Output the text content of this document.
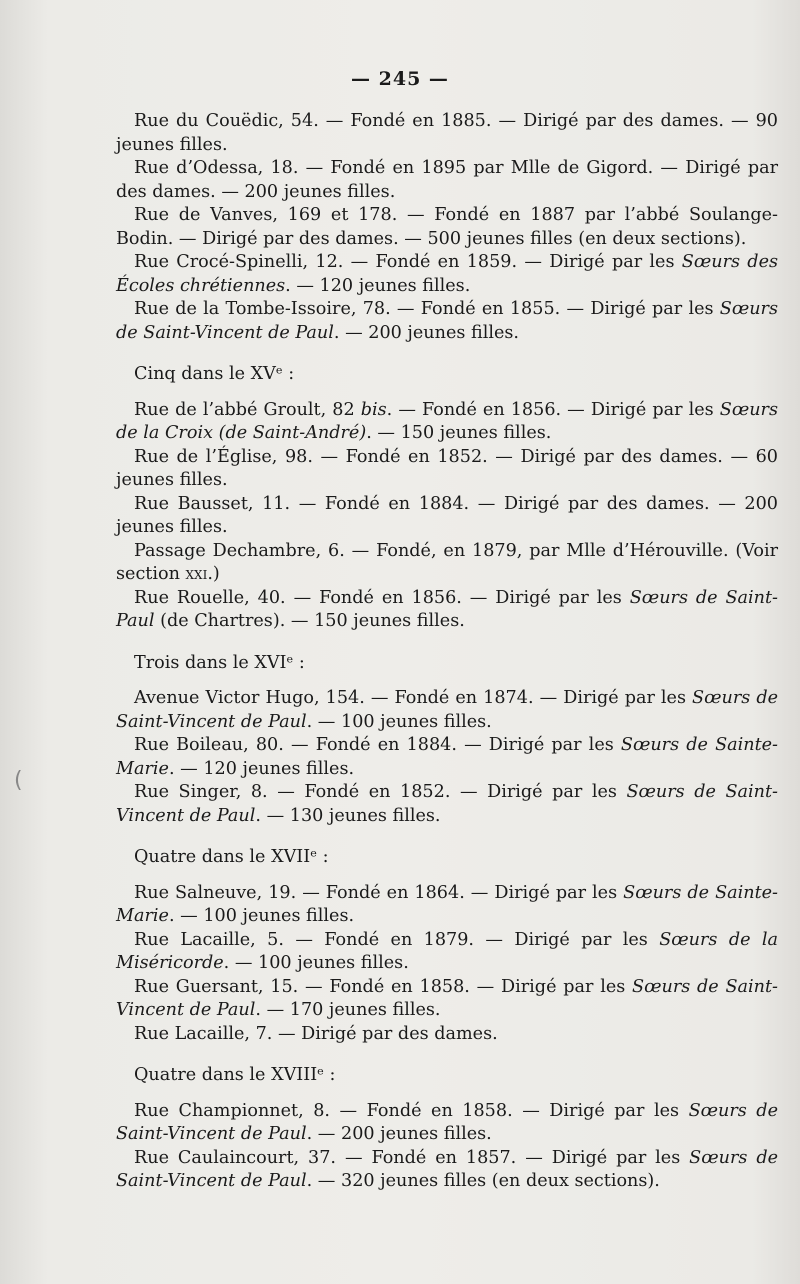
— 245 —
(

Rue du Couëdic, 54. — Fondé en 1885. — Dirigé par des dames. — 90 jeunes filles.

Rue d’Odessa, 18. — Fondé en 1895 par Mlle de Gigord. — Dirigé par des dames. — 200 jeunes filles.

Rue de Vanves, 169 et 178. — Fondé en 1887 par l’abbé Soulange-Bodin. — Dirigé par des dames. — 500 jeunes filles (en deux sections).

Rue Crocé-Spinelli, 12. — Fondé en 1859. — Dirigé par les Sœurs des Écoles chrétiennes. — 120 jeunes filles.

Rue de la Tombe-Issoire, 78. — Fondé en 1855. — Dirigé par les Sœurs de Saint-Vincent de Paul. — 200 jeunes filles.

Cinq dans le XVᵉ :

Rue de l’abbé Groult, 82 bis. — Fondé en 1856. — Dirigé par les Sœurs de la Croix (de Saint-André). — 150 jeunes filles.

Rue de l’Église, 98. — Fondé en 1852. — Dirigé par des dames. — 60 jeunes filles.

Rue Bausset, 11. — Fondé en 1884. — Dirigé par des dames. — 200 jeunes filles.

Passage Dechambre, 6. — Fondé, en 1879, par Mlle d’Hérouville. (Voir section xxi.)

Rue Rouelle, 40. — Fondé en 1856. — Dirigé par les Sœurs de Saint-Paul (de Chartres). — 150 jeunes filles.

Trois dans le XVIᵉ :

Avenue Victor Hugo, 154. — Fondé en 1874. — Dirigé par les Sœurs de Saint-Vincent de Paul. — 100 jeunes filles.

Rue Boileau, 80. — Fondé en 1884. — Dirigé par les Sœurs de Sainte-Marie. — 120 jeunes filles.

Rue Singer, 8. — Fondé en 1852. — Dirigé par les Sœurs de Saint-Vincent de Paul. — 130 jeunes filles.

Quatre dans le XVIIᵉ :

Rue Salneuve, 19. — Fondé en 1864. — Dirigé par les Sœurs de Sainte-Marie. — 100 jeunes filles.

Rue Lacaille, 5. — Fondé en 1879. — Dirigé par les Sœurs de la Miséricorde. — 100 jeunes filles.

Rue Guersant, 15. — Fondé en 1858. — Dirigé par les Sœurs de Saint-Vincent de Paul. — 170 jeunes filles.

Rue Lacaille, 7. — Dirigé par des dames.

Quatre dans le XVIIIᵉ :

Rue Championnet, 8. — Fondé en 1858. — Dirigé par les Sœurs de Saint-Vincent de Paul. — 200 jeunes filles.

Rue Caulaincourt, 37. — Fondé en 1857. — Dirigé par les Sœurs de Saint-Vincent de Paul. — 320 jeunes filles (en deux sections).
